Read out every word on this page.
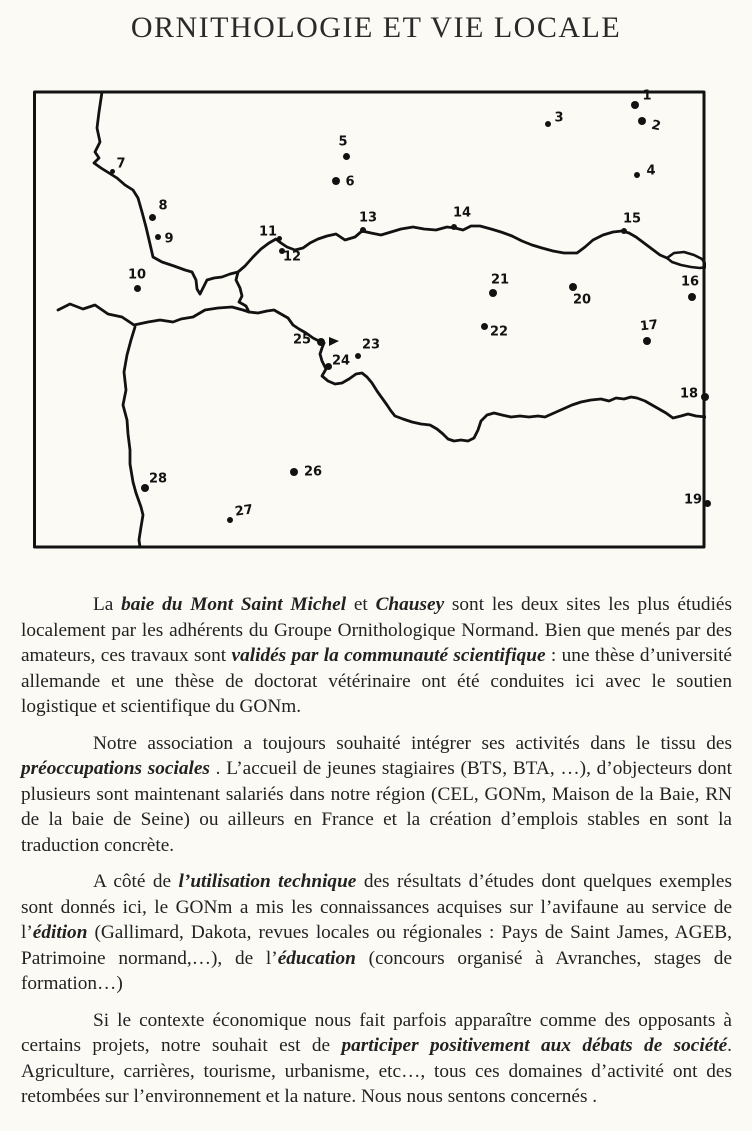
ORNITHOLOGIE ET VIE LOCALE
1
2
3
4
5
6
7
8
9
10
11
12
13	14	15
16
17
18
19
20
21
22
23
24
25
26
27
28

La baie du Mont Saint Michel et Chausey sont les deux sites les plus étudiés localement par les adhérents du Groupe Ornithologique Normand. Bien que menés par des amateurs, ces travaux sont validés par la communauté scientifique : une thèse d’université allemande et une thèse de doctorat vétérinaire ont été conduites ici avec le soutien logistique et scientifique du GONm.

Notre association a toujours souhaité intégrer ses activités dans le tissu des préoccupations sociales . L’accueil de jeunes stagiaires (BTS, BTA, …), d’objecteurs dont plusieurs sont maintenant salariés dans notre région (CEL, GONm, Maison de la Baie, RN de la baie de Seine) ou ailleurs en France et la création d’emplois stables en sont la traduction concrète.

A côté de l’utilisation technique des résultats d’études dont quelques exemples sont donnés ici, le GONm a mis les connaissances acquises sur l’avifaune au service de l’édition (Gallimard, Dakota, revues locales ou régionales : Pays de Saint James, AGEB, Patrimoine normand,…), de l’éducation (concours organisé à Avranches, stages de formation…)

Si le contexte économique nous fait parfois apparaître comme des opposants à certains projets, notre souhait est de participer positivement aux débats de société. Agriculture, carrières, tourisme, urbanisme, etc…, tous ces domaines d’activité ont des retombées sur l’environnement et la nature. Nous nous sentons concernés .
